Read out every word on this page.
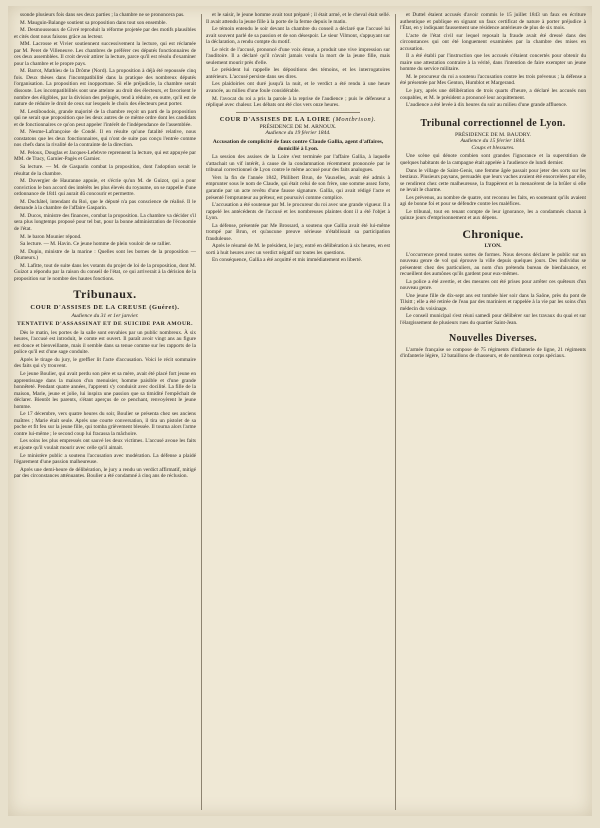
ssonde plusieurs fois dans ses deux parties ; la chambre ne se prononcera pas.

M. Mauguin-Balange soutient sa proposition dans tout son ensemble.

M. Desmousseaux de Givré reproduit la réforme projetée par des motifs plausibles et cités dont nous faisons grâce au lecteur.

MM. Lacrosse et Vivier soutiennent successivement la lecture, qui est réclamée par M. Peret de Villeneuve. Les chambres de préférer ces députés fonctionnaires de ces deux assemblées. Il croit devoir attirer la lecture, parce qu'il est résolu d'examiner pour la chambre et le propre pays.

M. Barrot, Mathieu de la Drôme (Nord). La proposition à déjà été repoussée cinq fois. Deux thèses dans l'incompatibilité dans la pratique des nombreux députés l'organisation. La proposition est inopportune. Si elle préjudicie, la chambre serait dissoute. Les incompatibilités sont une atteinte au droit des électeurs, et favorisent le nombre des éligibles, par la division des préjugés, tend à réduire, en outre, qu'il est de nature de réduire le droit de ceux sur lesquels le choix des électeurs peut porter.

M. Lestiboudois, grande majorité de la chambre reçoit un parti de la proposition qui ne serait que proposition que les deux autres de ce même ordre dont les candidats et de fonctionnaires ce qu'on peut appeler l'intérêt de l'indépendance de l'assemblée.

M. Nesme-Lafrançoise de Condé. Il en résulte qu'une fatalité relative, nous constatons que les deux fonctionnaires, qui n'ont de suite pas conçu l'entrée comme nos chefs dans la rivalité de la contrainte de la direction.

M. Peloux, Douglas et Jacques-Lefebvre reprennent la lecture, qui est appuyée par MM. de Tracy, Garnier-Pagès et Garnier.

Sa lecture. — M. de Gasparin combat la proposition, dont l'adoption serait le résultat de la chambre.

M. Duvergier de Hauranne appuie, et s'écrie qu'un M. de Guizot, qui a pour conviction le bon accord des intérêts les plus élevés du royaume, on se rappelle d'une ordonnance de 1841 qui aurait dû concourir et permettre.

M. Duchâtel, intendant du Roi, que le député n'a pas conscience de réalisé. Il le demande à la chambre de l'affaire Gasparin.

M. Ducos, ministre des finances, combat la proposition. La chambre va décider s'il sera plus longtemps proposé pour tel but, pour la bonne administration de l'économie de l'état.

M. le baron Mounier répond.

Sa lecture. — M. Havin. Ce jeune homme de plein vouloir de se rallier.

M. Dupin, ministre de la marine : Quelles sont les bornes de la proposition — (Rumeurs.)

M. Lafitte, tout de suite dans les votants du projet de loi de la proposition, dont M. Guizot a répondu par la raison du conseil de l'état, ce qui arriverait à la dérision de la proposition sur le nombre des hautes fonctions.

Tribunaux.
COUR D'ASSISES DE LA CREUSE (Guéret).
Audience du 31 et 1er janvier.
TENTATIVE D'ASSASSINAT ET DE SUICIDE PAR AMOUR.

Dès le matin, les portes de la salle sont envahies par un public nombreux. À six heures, l'accusé est introduit, le comte est ouvert. Il paraît avoir vingt ans au figure est douce et bienveillante, mais il semble dans sa tenue comme sur les rapports de la police qu'il est d'une sage conduite.

Après le tirage du jury, le greffier lit l'acte d'accusation. Voici le récit sommaire des faits qui s'y trouvent.

Le jeune Boulier, qui avait perdu son père et sa mère, avait été placé fort jeune en apprentissage dans la maison d'un menuisier, homme paisible et d'une grande honnêteté. Pendant quatre années, l'apprenti s'y conduisit avec docilité. La fille de la maison, Marie, jeune et jolie, lui inspira une passion que sa timidité l'empêchait de déclarer. Bientôt les parents, s'étant aperçus de ce penchant, renvoyèrent le jeune homme.

Le 17 décembre, vers quatre heures du soir, Boulier se présenta chez ses anciens maîtres ; Marie était seule. Après une courte conversation, il tira un pistolet de sa poche et fit feu sur la jeune fille, qui tomba grièvement blessée. Il tourna alors l'arme contre lui-même ; le second coup lui fracassa la mâchoire.

Les soins les plus empressés ont sauvé les deux victimes. L'accusé avoue les faits et ajoute qu'il voulait mourir avec celle qu'il aimait.

Le ministère public a soutenu l'accusation avec modération. La défense a plaidé l'égarement d'une passion malheureuse.

Après une demi-heure de délibération, le jury a rendu un verdict affirmatif, mitigé par des circonstances atténuantes. Boulier a été condamné à cinq ans de réclusion.

et le saisir, le jeune homme avait tout préparé ; il était armé, et le cheval était sellé. Il avait attendu la jeune fille à la porte de la ferme depuis le matin.

Le témoin entendu le soir devant la chambre du conseil a déclaré que l'accusé lui avait souvent parlé de sa passion et de son désespoir. Le sieur Vilmont, s'appuyant sur la déclaration, a rendu compte du motif.

Le récit de l'accusé, prononcé d'une voix émue, a produit une vive impression sur l'auditoire. Il a déclaré qu'il n'avait jamais voulu la mort de la jeune fille, mais seulement mourir près d'elle.

Le président lui rappelle les dépositions des témoins, et les interrogatoires antérieurs. L'accusé persiste dans ses dires.

Les plaidoiries ont duré jusqu'à la nuit, et le verdict a été rendu à une heure avancée, au milieu d'une foule considérable.

M. l'avocat du roi a pris la parole à la reprise de l'audience ; puis le défenseur a répliqué avec chaleur. Les débats ont été clos vers onze heures.

COUR D'ASSISES DE LA LOIRE (Montbrison).
PRÉSIDENCE DE M. ARNOUX.
Audience du 19 février 1844.
Accusation de complicité de faux contre Claude Gallia, agent d'affaires, domicilié à Lyon.

La session des assises de la Loire s'est terminée par l'affaire Gallia, à laquelle s'attachait un vif intérêt, à cause de la condamnation récemment prononcée par le tribunal correctionnel de Lyon contre le même accusé pour des faits analogues.

Vers la fin de l'année 1842, Philibert Brun, de Vauxelles, avait été admis à emprunter sous le nom de Claude, qui était celui de son frère, une somme assez forte, garantie par un acte revêtu d'une fausse signature. Gallia, qui avait rédigé l'acte et présenté l'emprunteur au prêteur, est poursuivi comme complice.

L'accusation a été soutenue par M. le procureur du roi avec une grande vigueur. Il a rappelé les antécédents de l'accusé et les nombreuses plaintes dont il a été l'objet à Lyon.

La défense, présentée par Me Brossard, a soutenu que Gallia avait été lui-même trompé par Brun, et qu'aucune preuve sérieuse n'établissait sa participation frauduleuse.

Après le résumé de M. le président, le jury, entré en délibération à six heures, en est sorti à huit heures avec un verdict négatif sur toutes les questions.

En conséquence, Gallia a été acquitté et mis immédiatement en liberté.

et Duttel étaient accusés d'avoir commis le 15 juillet 1843 un faux en écriture authentique et publique en signant un faux certificat de nature à porter préjudice à l'État, en y indiquant faussement une résidence antérieure de plus de six mois.

L'acte de l'état civil sur lequel reposait la fraude avait été dressé dans des circonstances qui ont été longuement examinées par la chambre des mises en accusation.

Il a été établi par l'instruction que les accusés s'étaient concertés pour obtenir du maire une attestation contraire à la vérité, dans l'intention de faire exempter un jeune homme du service militaire.

M. le procureur du roi a soutenu l'accusation contre les trois prévenus ; la défense a été présentée par Mes Genton, Humblot et Margerand.

Le jury, après une délibération de trois quarts d'heure, a déclaré les accusés non coupables, et M. le président a prononcé leur acquittement.

L'audience a été levée à dix heures du soir au milieu d'une grande affluence.

Tribunal correctionnel de Lyon.
PRÉSIDENCE DE M. BAUDRY.
Audience du 15 février 1844.
Coups et blessures.

Une scène qui dénote combien sont grandes l'ignorance et la superstition de quelques habitants de la campagne était appelée à l'audience de lundi dernier.

Dans le village de Saint-Genis, une femme âgée passait pour jeter des sorts sur les bestiaux. Plusieurs paysans, persuadés que leurs vaches avaient été ensorcelées par elle, se rendirent chez cette malheureuse, la frappèrent et la menacèrent de la brûler si elle ne levait le charme.

Les prévenus, au nombre de quatre, ont reconnu les faits, en soutenant qu'ils avaient agi de bonne foi et pour se défendre contre les maléfices.

Le tribunal, tout en tenant compte de leur ignorance, les a condamnés chacun à quinze jours d'emprisonnement et aux dépens.

Chronique.
LYON.

L'occurrence prend toutes sortes de formes. Nous devons déclarer le public sur un nouveau genre de vol qui éprouve la ville depuis quelques jours. Des individus se présentent chez des particuliers, au nom d'un prétendu bureau de bienfaisance, et recueillent des aumônes qu'ils gardent pour eux-mêmes.

La police a été avertie, et des mesures ont été prises pour arrêter ces quêteurs d'un nouveau genre.

Une jeune fille de dix-sept ans est tombée hier soir dans la Saône, près du pont de Tilsitt ; elle a été retirée de l'eau par des mariniers et rappelée à la vie par les soins d'un médecin du voisinage.

Le conseil municipal s'est réuni samedi pour délibérer sur les travaux du quai et sur l'élargissement de plusieurs rues du quartier Saint-Jean.

Nouvelles Diverses.

L'armée française se compose de 75 régiments d'infanterie de ligne, 21 régiments d'infanterie légère, 12 bataillons de chasseurs, et de nombreux corps spéciaux.
